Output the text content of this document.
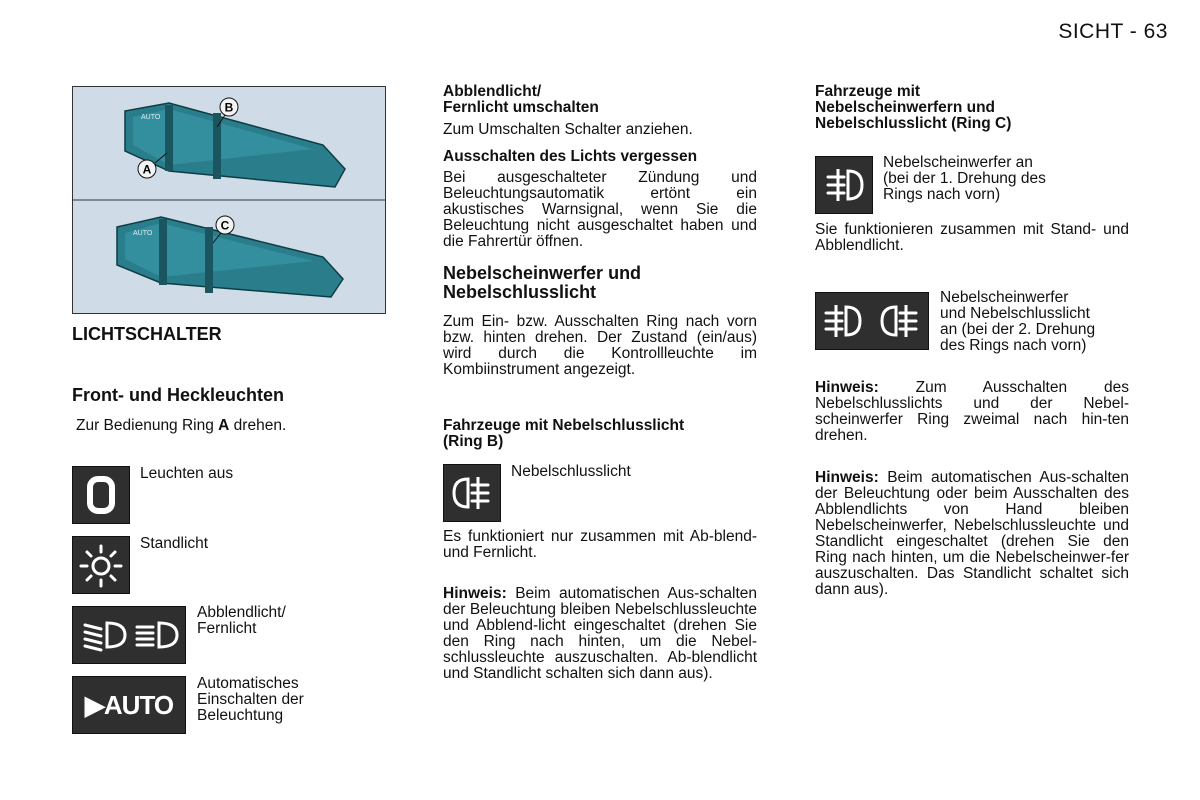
SICHT - 63
AUTO
AUTO
B
A
C
LICHTSCHALTER
Front- und Heckleuchten
Zur Bedienung Ring A drehen.
Leuchten aus
Standlicht
Abblendlicht/
Fernlicht
▶ AUTO
Automatisches
Einschalten der
Beleuchtung
Abblendlicht/
Fernlicht umschalten
Zum Umschalten Schalter anziehen.
Ausschalten des Lichts vergessen
Bei ausgeschalteter Zündung und Beleuchtungsautomatik ertönt ein akustisches Warnsignal, wenn Sie die Beleuchtung nicht ausgeschaltet haben und die Fahrertür öffnen.
Nebelscheinwerfer und
Nebelschlusslicht
Zum Ein- bzw. Ausschalten Ring nach vorn bzw. hinten drehen. Der Zustand (ein/aus) wird durch die Kontrollleuchte im Kombiinstrument angezeigt.
Fahrzeuge mit Nebelschlusslicht
(Ring B)
Nebelschlusslicht
Es funktioniert nur zusammen mit Ab-blend- und Fernlicht.
Hinweis: Beim automatischen Aus-schalten der Beleuchtung bleiben Nebelschlussleuchte und Abblend-licht eingeschaltet (drehen Sie den Ring nach hinten, um die Nebel-schlussleuchte auszuschalten. Ab-blendlicht und Standlicht schalten sich dann aus).
Fahrzeuge mit
Nebelscheinwerfern und
Nebelschlusslicht (Ring C)
Nebelscheinwerfer an
(bei der 1. Drehung des
Rings nach vorn)
Sie funktionieren zusammen mit Stand- und Abblendlicht.
Nebelscheinwerfer
und Nebelschlusslicht
an (bei der 2. Drehung
des Rings nach vorn)
Hinweis: Zum Ausschalten des Nebelschlusslichts und der Nebel-scheinwerfer Ring zweimal nach hin-ten drehen.
Hinweis: Beim automatischen Aus-schalten der Beleuchtung oder beim Ausschalten des Abblendlichts von Hand bleiben Nebelscheinwerfer, Nebelschlussleuchte und Standlicht eingeschaltet (drehen Sie den Ring nach hinten, um die Nebelscheinwer-fer auszuschalten. Das Standlicht schaltet sich dann aus).
